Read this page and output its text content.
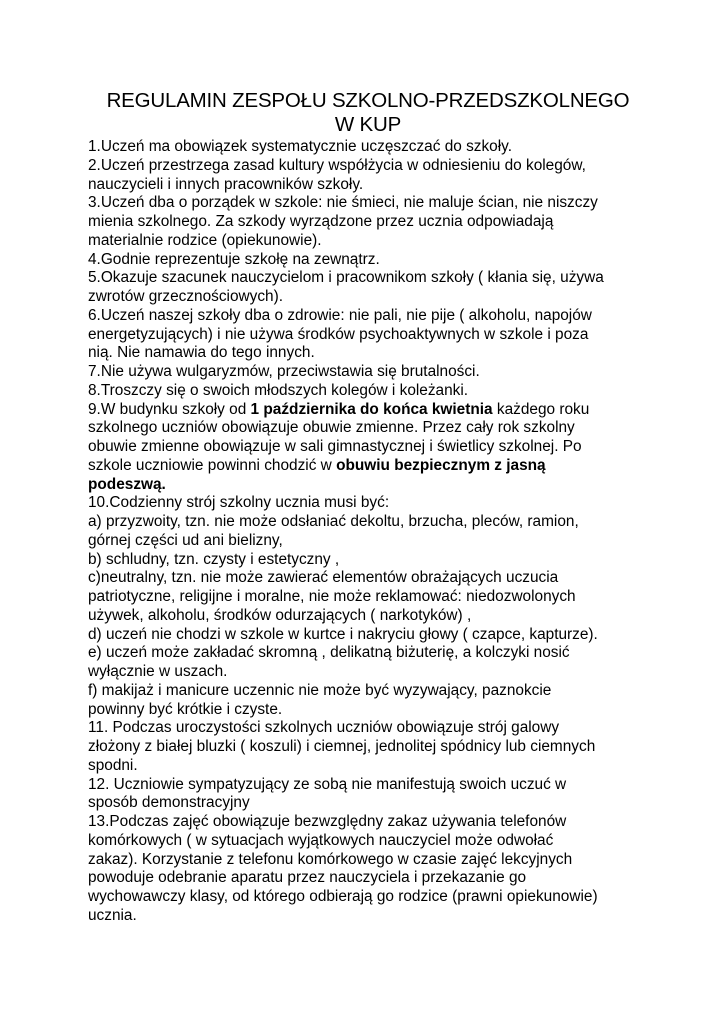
REGULAMIN ZESPOŁU SZKOLNO-PRZEDSZKOLNEGO
W KUP
1.Uczeń ma obowiązek systematycznie uczęszczać do szkoły.
2.Uczeń przestrzega zasad kultury współżycia w odniesieniu do kolegów,
nauczycieli i innych pracowników szkoły.
3.Uczeń dba o porządek w szkole: nie śmieci, nie maluje ścian, nie niszczy
mienia szkolnego. Za szkody wyrządzone przez ucznia odpowiadają
materialnie rodzice (opiekunowie).
4.Godnie reprezentuje szkołę na zewnątrz.
5.Okazuje szacunek nauczycielom i pracownikom szkoły ( kłania się, używa
zwrotów grzecznościowych).
6.Uczeń naszej szkoły dba o zdrowie: nie pali, nie pije ( alkoholu, napojów
energetyzujących) i nie używa środków psychoaktywnych w szkole i poza
nią. Nie namawia do tego innych.
7.Nie używa wulgaryzmów, przeciwstawia się brutalności.
8.Troszczy się o swoich młodszych kolegów i koleżanki.
9.W budynku szkoły od 1 października do końca kwietnia każdego roku
szkolnego uczniów obowiązuje obuwie zmienne. Przez cały rok szkolny
obuwie zmienne obowiązuje w sali gimnastycznej i świetlicy szkolnej. Po
szkole uczniowie powinni chodzić w obuwiu bezpiecznym z jasną
podeszwą.
10.Codzienny strój szkolny ucznia musi być:
a) przyzwoity, tzn. nie może odsłaniać dekoltu, brzucha, pleców, ramion,
górnej części ud ani bielizny,
b) schludny, tzn. czysty i estetyczny ,
c)neutralny, tzn. nie może zawierać elementów obrażających uczucia
patriotyczne, religijne i moralne, nie może reklamować: niedozwolonych
używek, alkoholu, środków odurzających ( narkotyków) ,
d) uczeń nie chodzi w szkole w kurtce i nakryciu głowy ( czapce, kapturze).
e) uczeń może zakładać skromną , delikatną biżuterię, a kolczyki nosić
wyłącznie w uszach.
f) makijaż i manicure uczennic nie może być wyzywający, paznokcie
powinny być krótkie i czyste.
11. Podczas uroczystości szkolnych uczniów obowiązuje strój galowy
złożony z białej bluzki ( koszuli) i ciemnej, jednolitej spódnicy lub ciemnych
spodni.
12. Uczniowie sympatyzujący ze sobą nie manifestują swoich uczuć w
sposób demonstracyjny
13.Podczas zajęć obowiązuje bezwzględny zakaz używania telefonów
komórkowych ( w sytuacjach wyjątkowych nauczyciel może odwołać
zakaz). Korzystanie z telefonu komórkowego w czasie zajęć lekcyjnych
powoduje odebranie aparatu przez nauczyciela i przekazanie go
wychowawczy klasy, od którego odbierają go rodzice (prawni opiekunowie)
ucznia.
